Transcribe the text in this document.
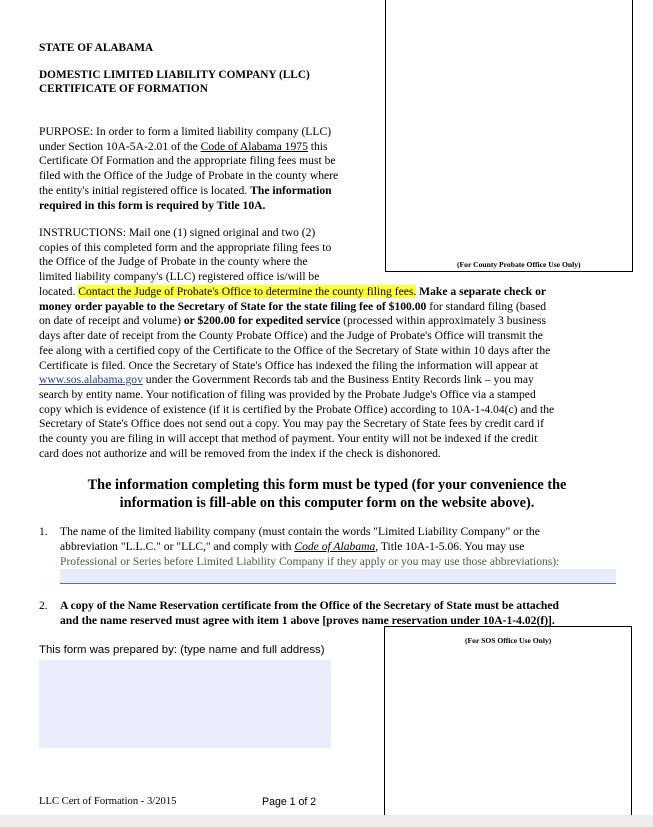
STATE OF ALABAMA
DOMESTIC LIMITED LIABILITY COMPANY (LLC)
CERTIFICATE OF FORMATION
(For County Probate Office Use Only)
PURPOSE: In order to form a limited liability company (LLC)
under Section 10A-5A-2.01 of the Code of Alabama 1975 this
Certificate Of Formation and the appropriate filing fees must be
filed with the Office of the Judge of Probate in the county where
the entity's initial registered office is located. The information
required in this form is required by Title 10A.
INSTRUCTIONS: Mail one (1) signed original and two (2)
copies of this completed form and the appropriate filing fees to
the Office of the Judge of Probate in the county where the
limited liability company's (LLC) registered office is/will be
located. Contact the Judge of Probate's Office to determine the county filing fees. Make a separate check or
money order payable to the Secretary of State for the state filing fee of $100.00 for standard filing (based
on date of receipt and volume) or $200.00 for expedited service (processed within approximately 3 business
days after date of receipt from the County Probate Office) and the Judge of Probate's Office will transmit the
fee along with a certified copy of the Certificate to the Office of the Secretary of State within 10 days after the
Certificate is filed. Once the Secretary of State's Office has indexed the filing the information will appear at
www.sos.alabama.gov under the Government Records tab and the Business Entity Records link – you may
search by entity name. Your notification of filing was provided by the Probate Judge's Office via a stamped
copy which is evidence of existence (if it is certified by the Probate Office) according to 10A-1-4.04(c) and the
Secretary of State's Office does not send out a copy. You may pay the Secretary of State fees by credit card if
the county you are filing in will accept that method of payment. Your entity will not be indexed if the credit
card does not authorize and will be removed from the index if the check is dishonored.
The information completing this form must be typed (for your convenience the
information is fill-able on this computer form on the website above).
1. The name of the limited liability company (must contain the words "Limited Liability Company" or the
abbreviation "L.L.C." or "LLC," and comply with Code of Alabama, Title 10A-1-5.06. You may use
Professional or Series before Limited Liability Company if they apply or you may use those abbreviations):
2. A copy of the Name Reservation certificate from the Office of the Secretary of State must be attached
and the name reserved must agree with item 1 above [proves name reservation under 10A-1-4.02(f)].
(For SOS Office Use Only)
This form was prepared by: (type name and full address)
LLC Cert of Formation - 3/2015	Page 1 of 2
